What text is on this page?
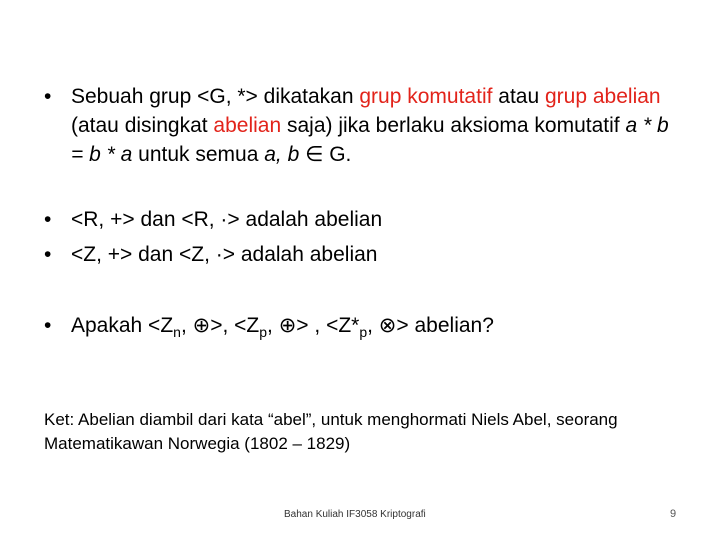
• Sebuah grup <G, *> dikatakan grup komutatif atau grup abelian (atau disingkat abelian saja) jika berlaku aksioma komutatif a * b = b * a untuk semua a, b ∈ G.
• <R, +> dan <R, ·> adalah abelian
• <Z, +> dan <Z, ·> adalah abelian
• Apakah $<Z_n$, ⊕>, $<Z_p$, ⊕> , $<Z*_p$, ⊗> abelian?
Ket: Abelian diambil dari kata “abel”, untuk menghormati Niels Abel, seorang Matematikawan Norwegia (1802 – 1829)
Bahan Kuliah IF3058 Kriptografi	9
